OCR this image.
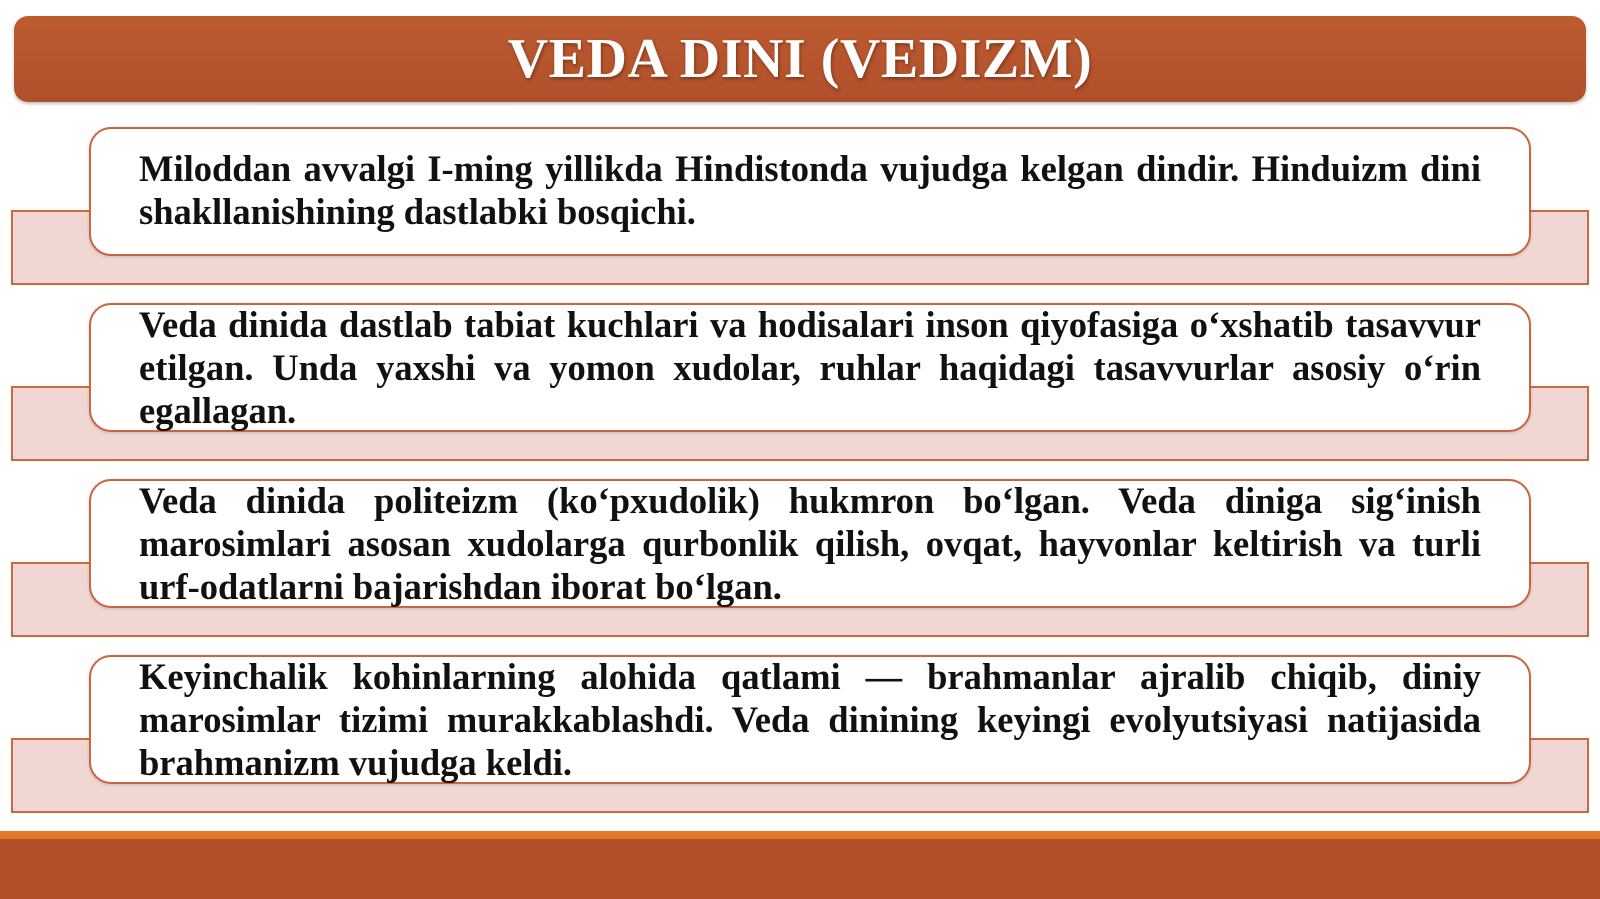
VEDA DINI (VEDIZM)

Miloddan avvalgi I-ming yillikda Hindistonda vujudga kelgan dindir. Hinduizm dini shakllanishining dastlabki bosqichi.

Veda dinida dastlab tabiat kuchlari va hodisalari inson qiyofasiga o‘xshatib tasavvur etilgan. Unda yaxshi va yomon xudolar, ruhlar haqidagi tasavvurlar asosiy o‘rin egallagan.

Veda dinida politeizm (ko‘pxudolik) hukmron bo‘lgan. Veda diniga sig‘inish marosimlari asosan xudolarga qurbonlik qilish, ovqat, hayvonlar keltirish va turli urf-odatlarni bajarishdan iborat bo‘lgan.

Keyinchalik kohinlarning alohida qatlami — brahmanlar ajralib chiqib, diniy marosimlar tizimi murakkablashdi. Veda dinining keyingi evolyutsiyasi natijasida brahmanizm vujudga keldi.
